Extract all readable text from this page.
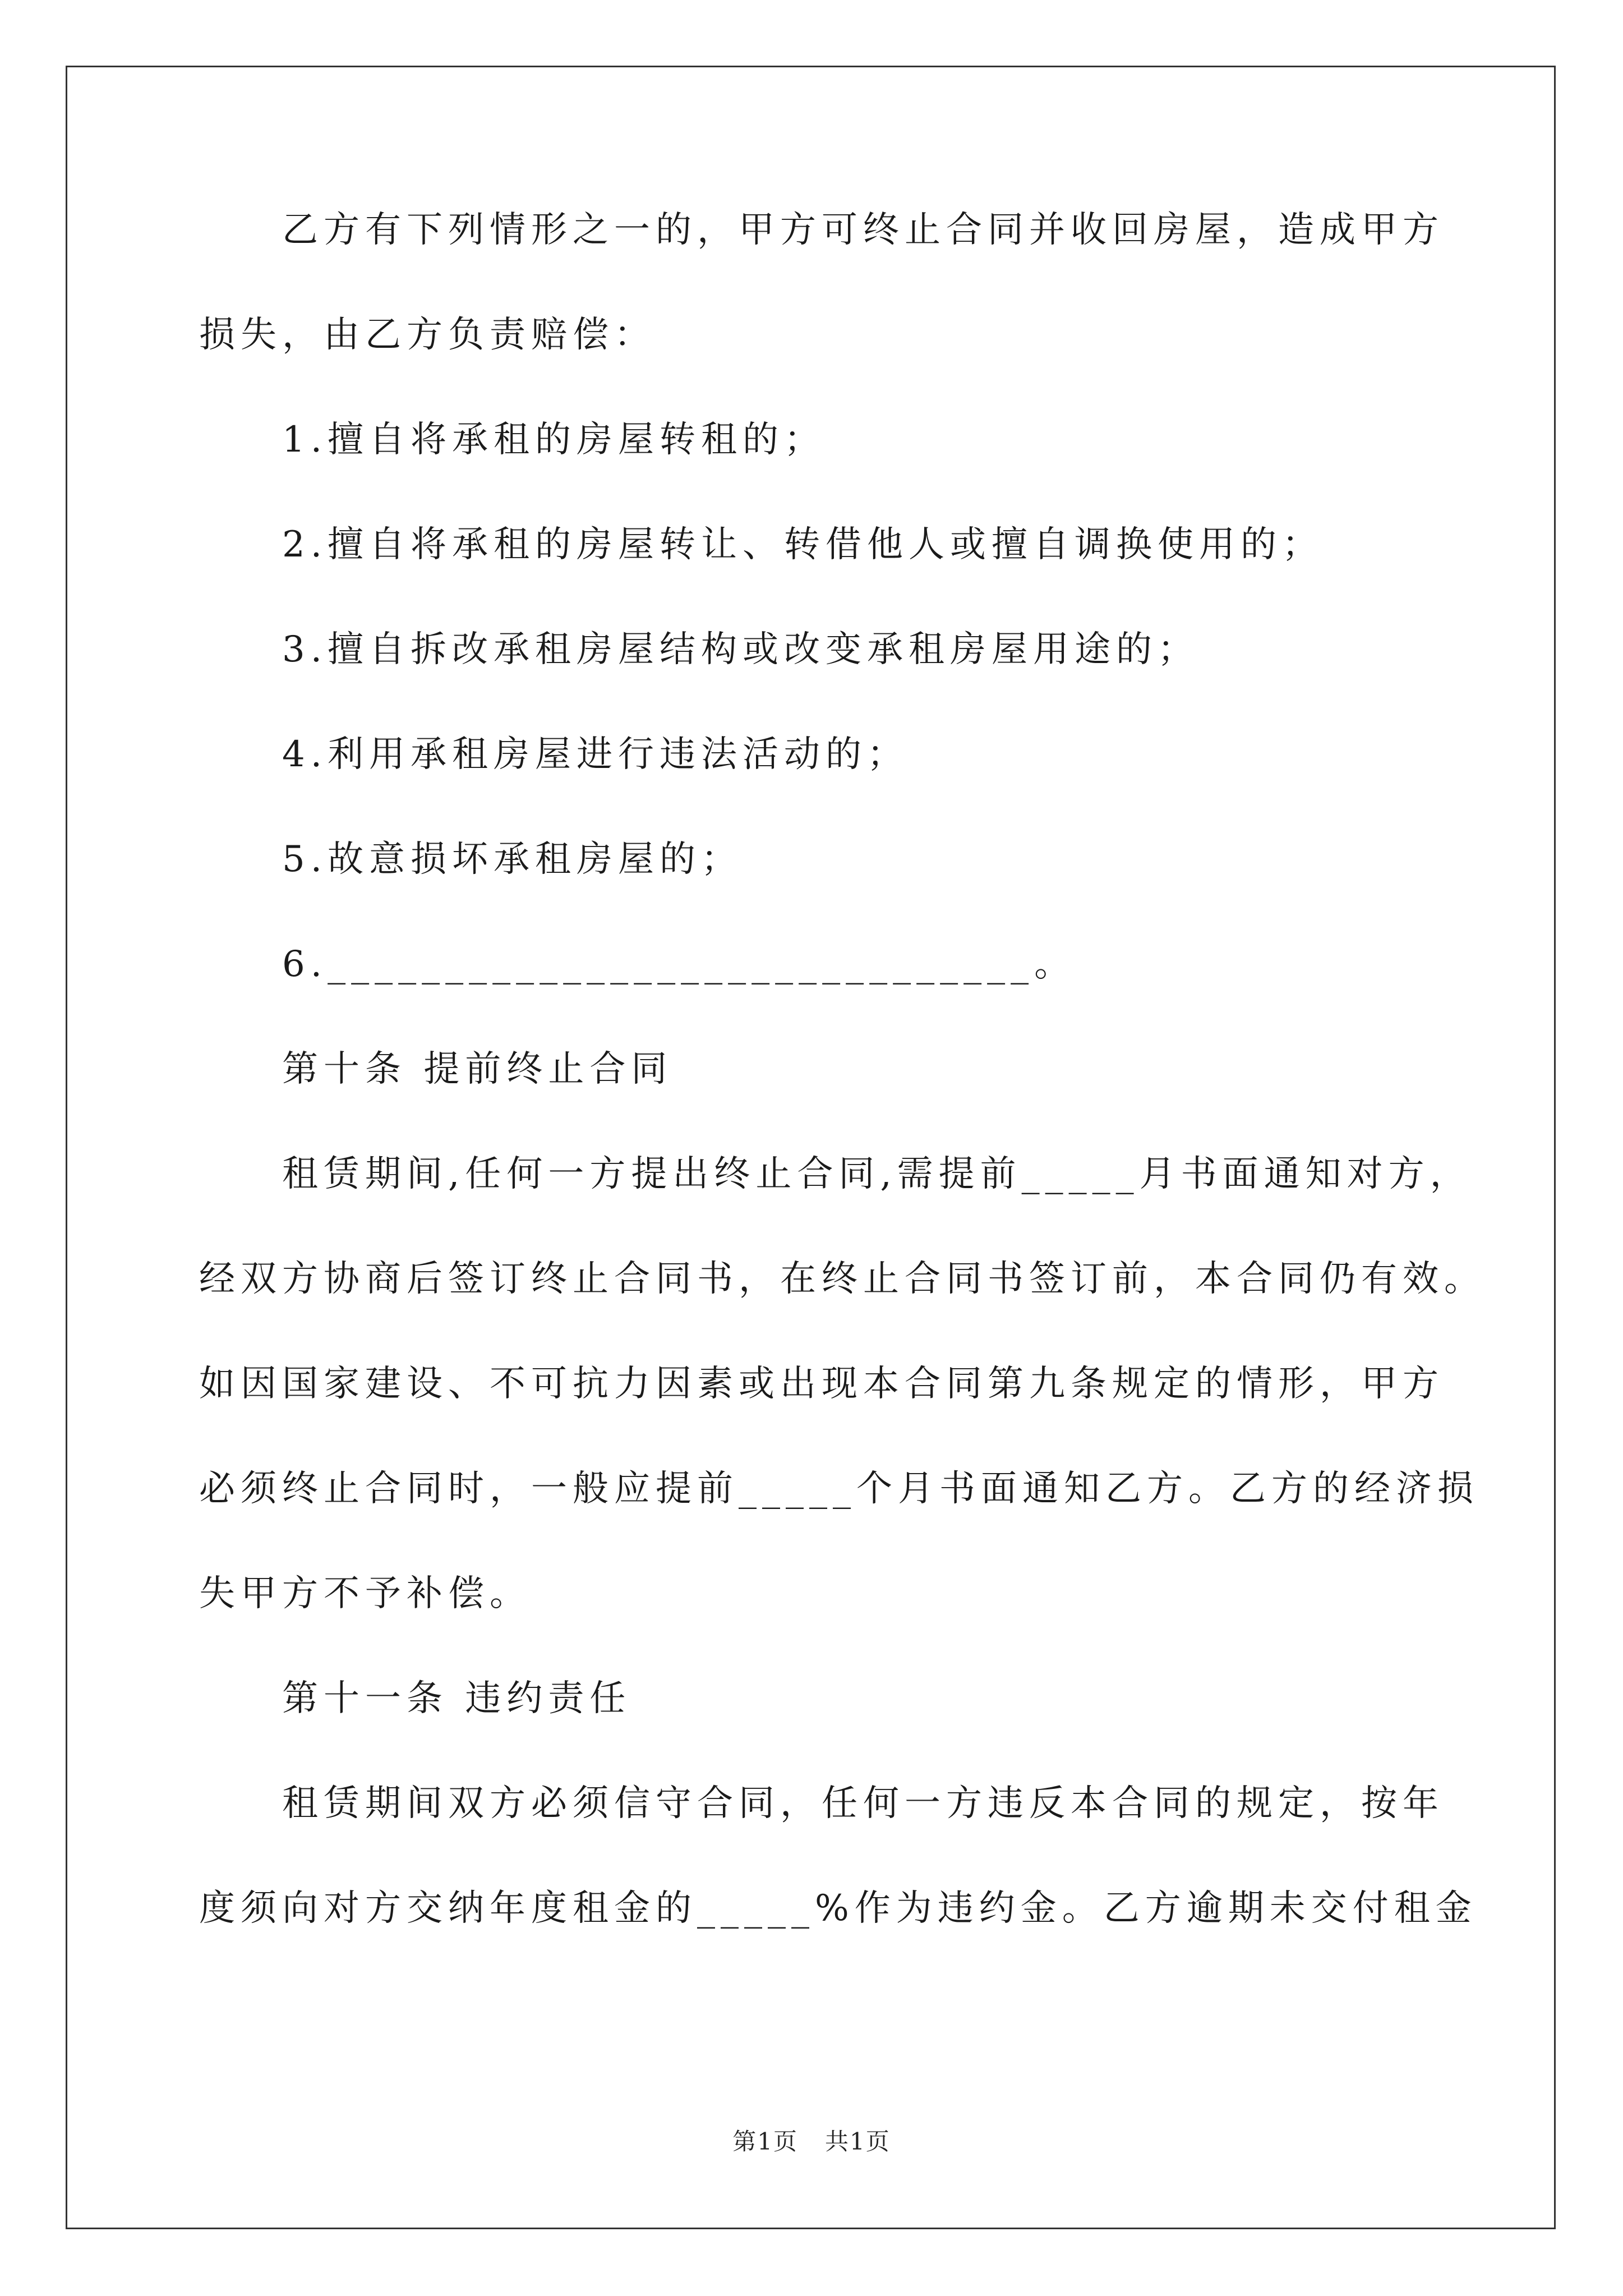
乙方有下列情形之一的，甲方可终止合同并收回房屋，造成甲方
损失，由乙方负责赔偿：
1.擅自将承租的房屋转租的；
2.擅自将承租的房屋转让、转借他人或擅自调换使用的；
3.擅自拆改承租房屋结构或改变承租房屋用途的；
4.利用承租房屋进行违法活动的；
5.故意损坏承租房屋的；
6.______________________________。
第十条 提前终止合同
租赁期间,任何一方提出终止合同,需提前_____月书面通知对方，
经双方协商后签订终止合同书，在终止合同书签订前，本合同仍有效。
如因国家建设、不可抗力因素或出现本合同第九条规定的情形，甲方
必须终止合同时，一般应提前_____个月书面通知乙方。乙方的经济损
失甲方不予补偿。
第十一条 违约责任
租赁期间双方必须信守合同，任何一方违反本合同的规定，按年
度须向对方交纳年度租金的_____%作为违约金。乙方逾期未交付租金
第1页 共1页
